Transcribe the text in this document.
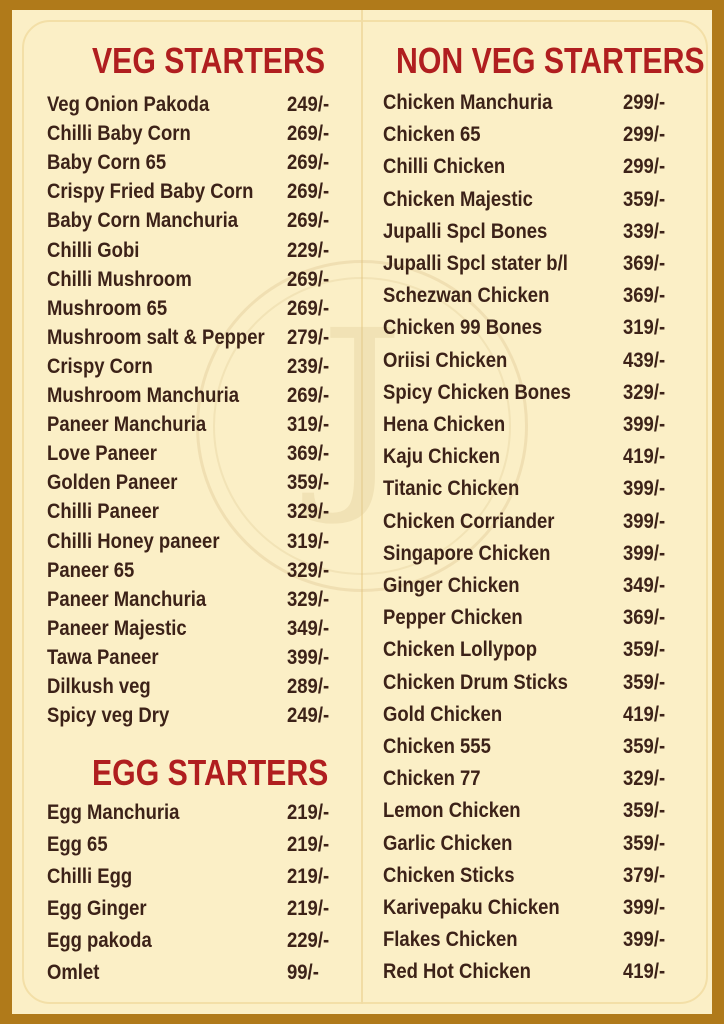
J
VEG STARTERS
Veg Onion Pakoda	249/-
Chilli Baby Corn	269/-
Baby Corn 65	269/-
Crispy Fried Baby Corn 269/-
Baby Corn Manchuria 269/-
Chilli Gobi	229/-
Chilli Mushroom	269/-
Mushroom 65	269/-
Mushroom salt & Pepper 279/-
Crispy Corn	239/-
Mushroom Manchuria 269/-
Paneer Manchuria	319/-
Love Paneer	369/-
Golden Paneer	359/-
Chilli Paneer	329/-
Chilli Honey paneer	319/-
Paneer 65	329/-
Paneer Manchuria	329/-
Paneer Majestic	349/-
Tawa Paneer	399/-
Dilkush veg	289/-
Spicy veg Dry	249/-
EGG STARTERS
Egg Manchuria	219/-
Egg 65	219/-
Chilli Egg	219/-
Egg Ginger	219/-
Egg pakoda	229/-
Omlet	99/-
NON VEG STARTERS
Chicken Manchuria	299/-
Chicken 65	299/-
Chilli Chicken	299/-
Chicken Majestic	359/-
Jupalli Spcl Bones	339/-
Jupalli Spcl stater b/l	369/-
Schezwan Chicken	369/-
Chicken 99 Bones	319/-
Oriisi Chicken	439/-
Spicy Chicken Bones 329/-
Hena Chicken	399/-
Kaju Chicken	419/-
Titanic Chicken	399/-
Chicken Corriander	399/-
Singapore Chicken	399/-
Ginger Chicken	349/-
Pepper Chicken	369/-
Chicken Lollypop	359/-
Chicken Drum Sticks	359/-
Gold Chicken	419/-
Chicken 555	359/-
Chicken 77	329/-
Lemon Chicken	359/-
Garlic Chicken	359/-
Chicken Sticks	379/-
Karivepaku Chicken	399/-
Flakes Chicken	399/-
Red Hot Chicken	419/-
